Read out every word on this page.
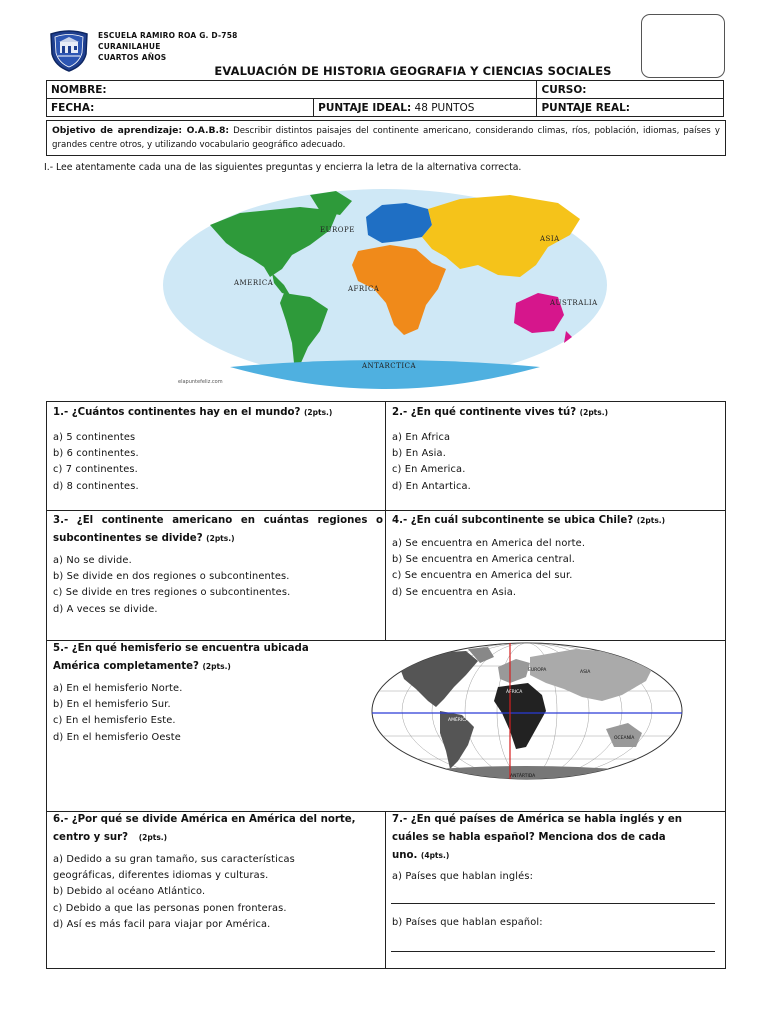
ESCUELA RAMIRO ROA G. D-758
CURANILAHUE
CUARTOS AÑOS
EVALUACIÓN DE HISTORIA GEOGRAFIA Y CIENCIAS SOCIALES
NOMBRE:		CURSO:
FECHA:	PUNTAJE IDEAL: 48 PUNTOS	PUNTAJE REAL:
Objetivo de aprendizaje: O.A.B.8: Describir distintos paisajes del continente americano, considerando climas, ríos, población, idiomas, países y grandes centre otros, y utilizando vocabulario geográfico adecuado.
I.- Lee atentamente cada una de las siguientes preguntas y encierra la letra de la alternativa correcta.
EUROPE
ASIA
AMERICA
AFRICA
AUSTRALIA
ANTARCTICA
elapuntefeliz.com
1.- ¿Cuántos continentes hay en el mundo? (2pts.)
a) 5 continentes
b) 6 continentes.
c) 7 continentes.
d) 8 continentes.
2.- ¿En qué continente vives tú? (2pts.)
a) En Africa
b) En Asia.
c) En America.
d) En Antartica.
3.- ¿El continente americano en cuántas regiones o
subcontinentes se divide? (2pts.)
a) No se divide.
b) Se divide en dos regiones o subcontinentes.
c) Se divide en tres regiones o subcontinentes.
d) A veces se divide.
4.- ¿En cuál subcontinente se ubica Chile? (2pts.)
a) Se encuentra en America del norte.
b) Se encuentra en America central.
c) Se encuentra en America del sur.
d) Se encuentra en Asia.
5.- ¿En qué hemisferio se encuentra ubicada
América completamente? (2pts.)
a) En el hemisferio Norte.
b) En el hemisferio Sur.
c) En el hemisferio Este.
d) En el hemisferio Oeste
6.- ¿Por qué se divide América en América del norte,
centro y sur? (2pts.)
a) Dedido a su gran tamaño, sus características
geográficas, diferentes idiomas y culturas.
b) Debido al océano Atlántico.
c) Debido a que las personas ponen fronteras.
d) Así es más facil para viajar por América.
7.- ¿En qué países de América se habla inglés y en
cuáles se habla español? Menciona dos de cada
uno. (4pts.)
a) Países que hablan inglés:
b) Países que hablan español:
EUROPA	ASIA
ÁFRICA
AMÉRICA
OCEANÍA
ANTÁRTIDA
